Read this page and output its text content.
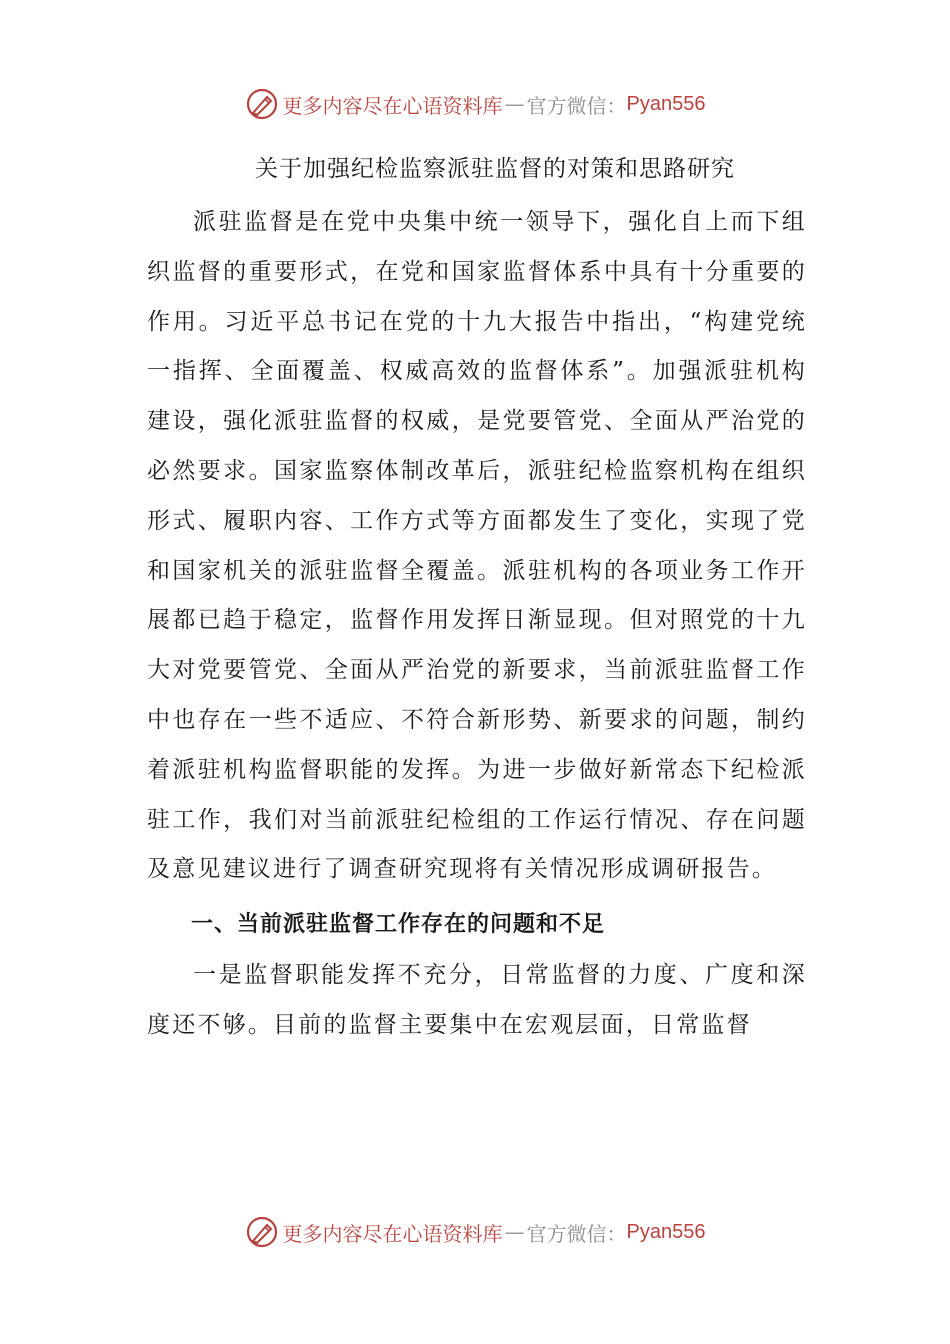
更多内容尽在心语资料库 — 官方微信： Pyan556
关于加强纪检监察派驻监督的对策和思路研究

派驻监督是在党中央集中统一领导下，强化自上而下组织监督的重要形式，在党和国家监督体系中具有十分重要的作用。习近平总书记在党的十九大报告中指出，“构建党统一指挥、全面覆盖、权威高效的监督体系”。加强派驻机构建设，强化派驻监督的权威，是党要管党、全面从严治党的必然要求。国家监察体制改革后，派驻纪检监察机构在组织形式、履职内容、工作方式等方面都发生了变化，实现了党和国家机关的派驻监督全覆盖。派驻机构的各项业务工作开展都已趋于稳定，监督作用发挥日渐显现。但对照党的十九大对党要管党、全面从严治党的新要求，当前派驻监督工作中也存在一些不适应、不符合新形势、新要求的问题，制约着派驻机构监督职能的发挥。为进一步做好新常态下纪检派驻工作，我们对当前派驻纪检组的工作运行情况、存在问题及意见建议进行了调查研究现将有关情况形成调研报告。

一、当前派驻监督工作存在的问题和不足

一是监督职能发挥不充分，日常监督的力度、广度和深度还不够。目前的监督主要集中在宏观层面，日常监督

更多内容尽在心语资料库 — 官方微信： Pyan556
